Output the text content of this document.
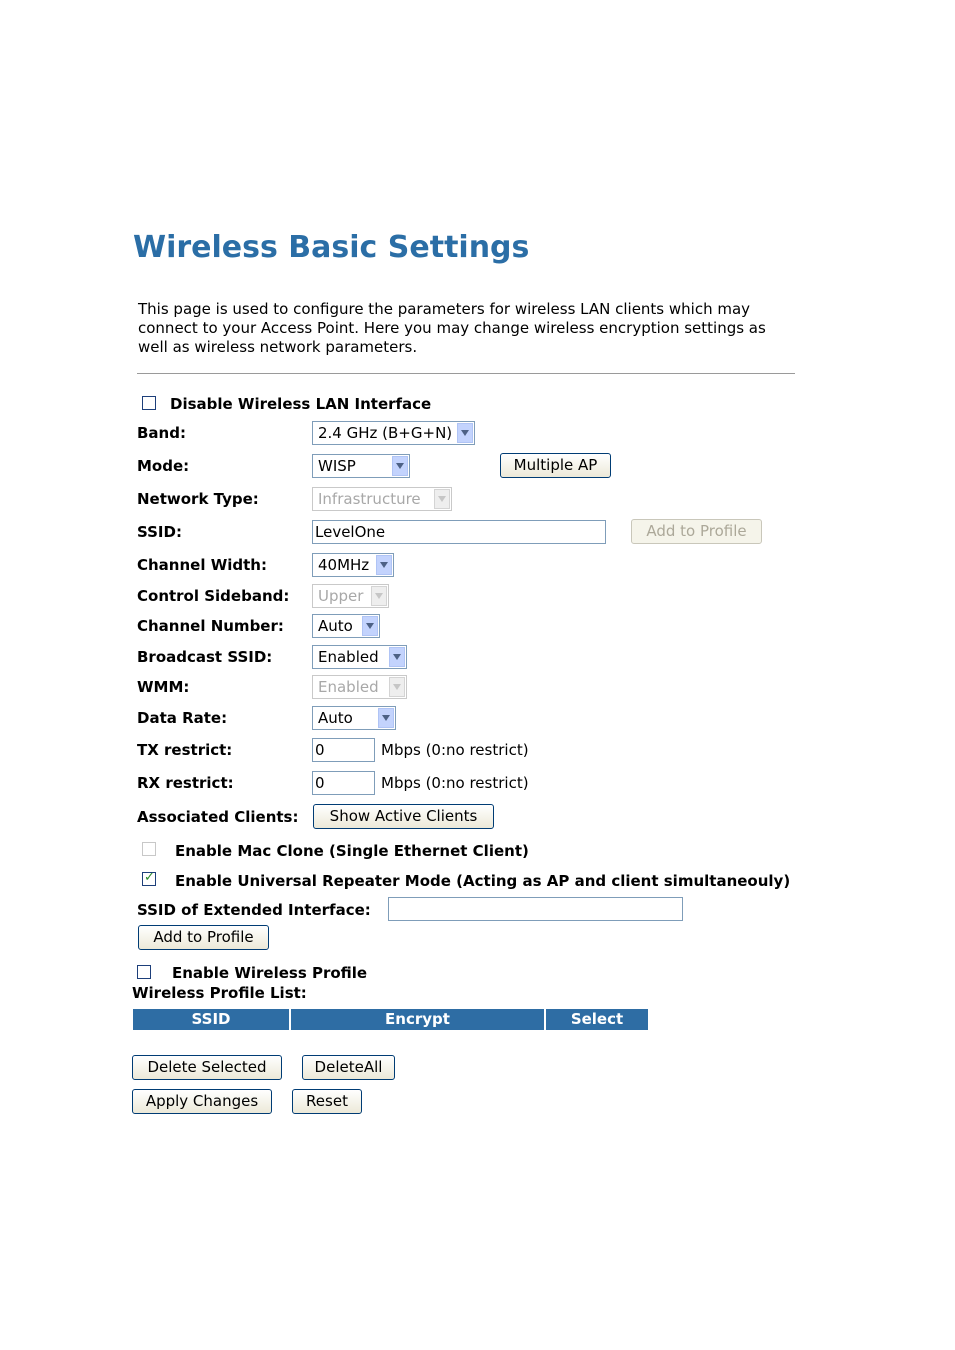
Wireless Basic Settings
This page is used to configure the parameters for wireless LAN clients which may connect to your Access Point. Here you may change wireless encryption settings as well as wireless network parameters.
Disable Wireless LAN Interface
Band:	2.4 GHz (B+G+N)
Mode:	WISP	Multiple AP
Network Type:	Infrastructure
SSID:	LevelOne	Add to Profile
Channel Width:	40MHz
Control Sideband:	Upper
Channel Number:	Auto
Broadcast SSID:	Enabled
WMM:	Enabled
Data Rate:	Auto
TX restrict:	0	Mbps (0:no restrict)
RX restrict:	0	Mbps (0:no restrict)
Associated Clients:	Show Active Clients
Enable Mac Clone (Single Ethernet Client)
✓
Enable Universal Repeater Mode (Acting as AP and client simultaneouly)
SSID of Extended Interface:
Add to Profile
Enable Wireless Profile
Wireless Profile List:
SSID	Encrypt	Select
Delete Selected	DeleteAll
Apply Changes	Reset
